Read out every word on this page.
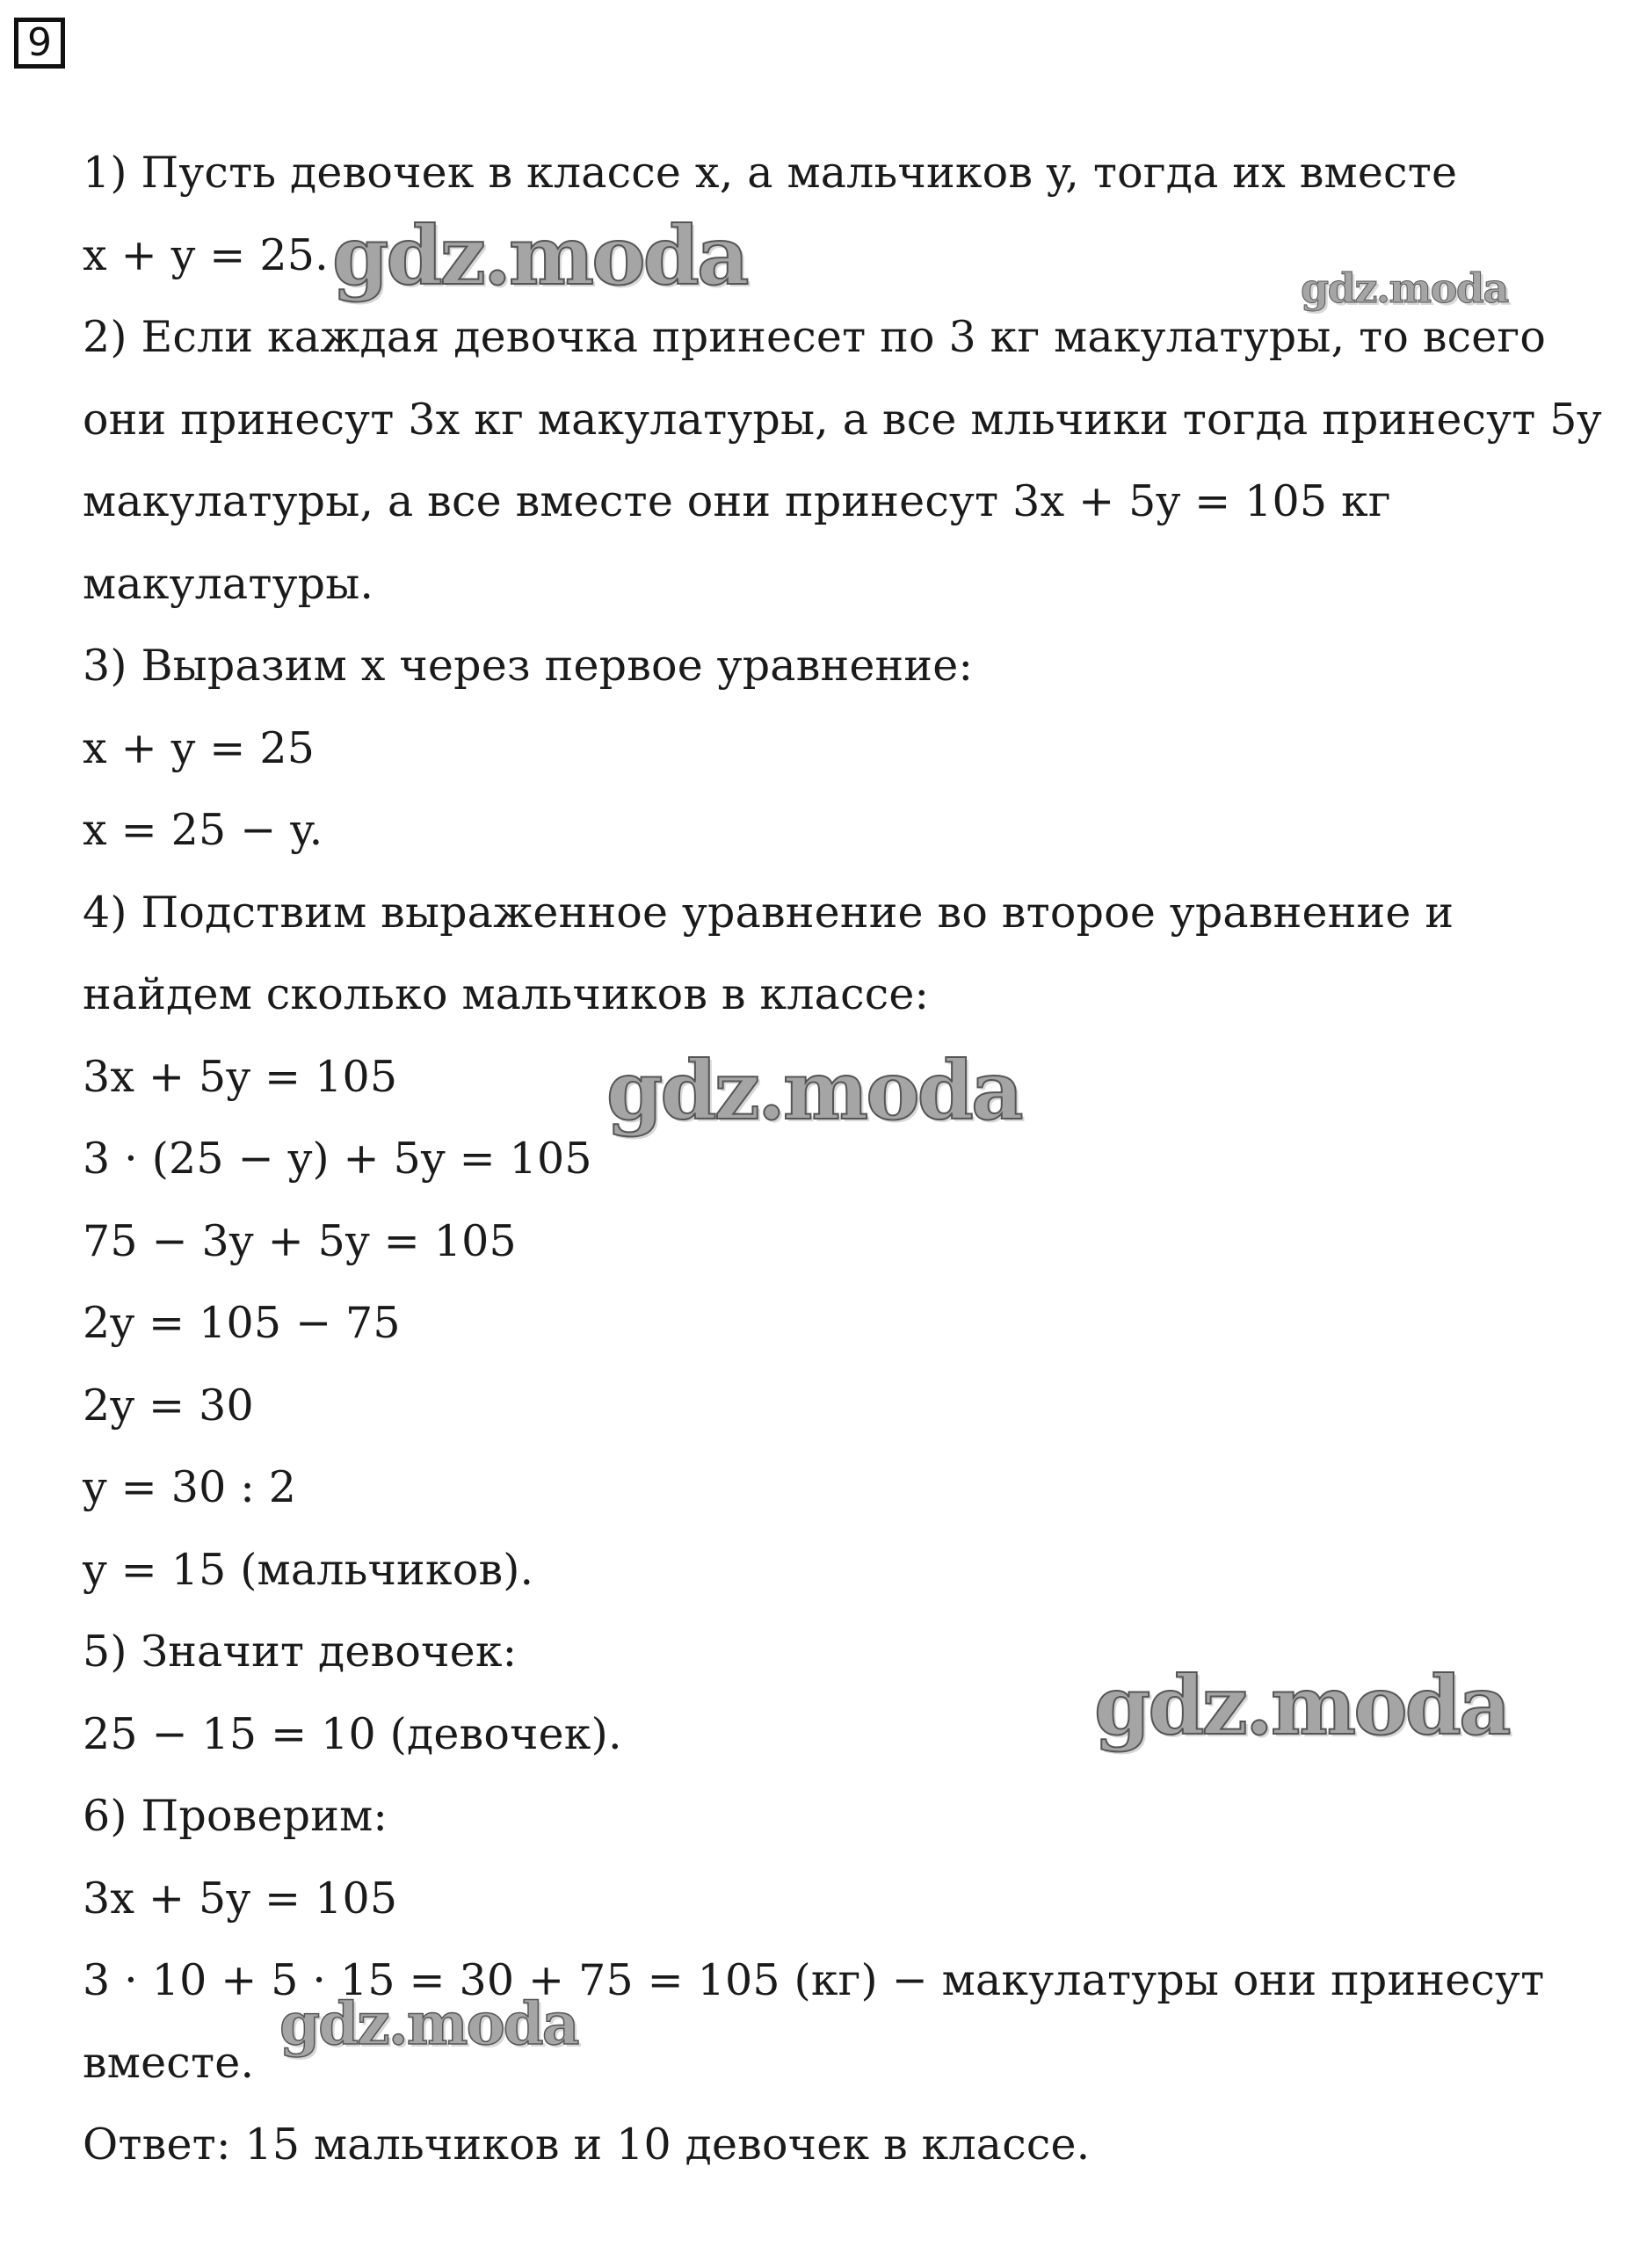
9
1) Пусть девочек в классе x, а мальчиков y, тогда их вместе
x + y = 25.
2) Если каждая девочка принесет по 3 кг макулатуры, то всего
они принесут 3x кг макулатуры, а все мльчики тогда принесут 5y
макулатуры, а все вместе они принесут 3x + 5y = 105 кг
макулатуры.
3) Выразим x через первое уравнение:
x + y = 25
x = 25 − y.
4) Подствим выраженное уравнение во второе уравнение и
найдем сколько мальчиков в классе:
3x + 5y = 105
3 · (25 − y) + 5y = 105
75 − 3y + 5y = 105
2y = 105 − 75
2y = 30
y = 30 : 2
y = 15 (мальчиков).
5) Значит девочек:
25 − 15 = 10 (девочек).
6) Проверим:
3x + 5y = 105
3 · 10 + 5 · 15 = 30 + 75 = 105 (кг) − макулатуры они принесут
вместе.
Ответ: 15 мальчиков и 10 девочек в классе.
gdz.moda	gdz.moda
gdz.moda
gdz.moda
gdz.moda
